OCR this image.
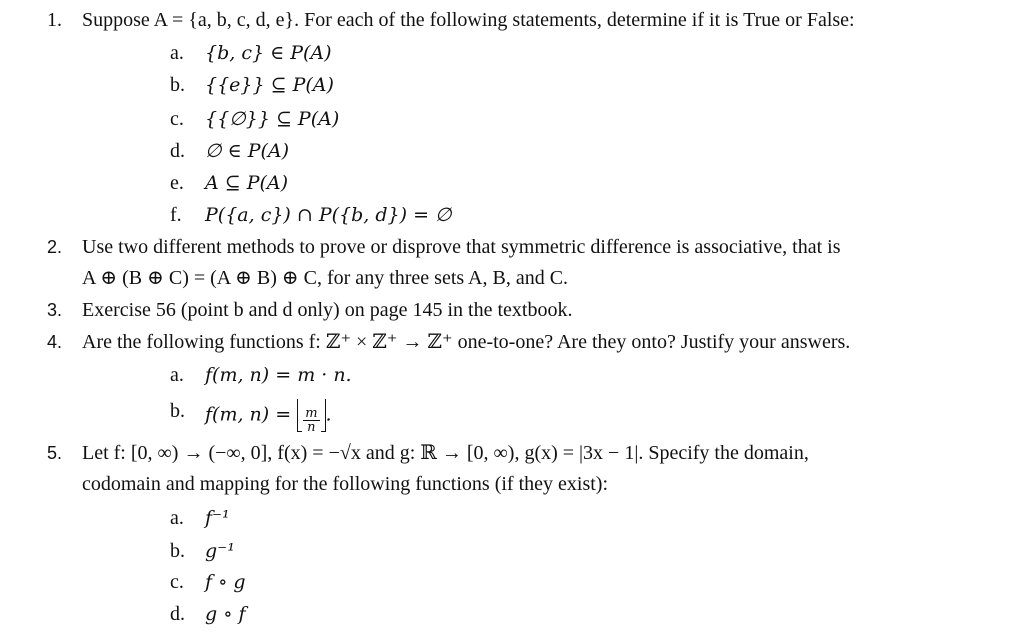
1. Suppose A = {a, b, c, d, e}. For each of the following statements, determine if it is True or False:
a. {b, c} ∈ P(A)
b. {{e}} ⊆ P(A)
c. {{∅}} ⊆ P(A)
d. ∅ ∈ P(A)
e. A ⊆ P(A)
f. P({a, c}) ∩ P({b, d}) = ∅
2. Use two different methods to prove or disprove that symmetric difference is associative, that is
A ⊕ (B ⊕ C) = (A ⊕ B) ⊕ C, for any three sets A, B, and C.
3. Exercise 56 (point b and d only) on page 145 in the textbook.
4. Are the following functions f: ℤ⁺ × ℤ⁺ → ℤ⁺ one-to-one? Are they onto? Justify your answers.
a. f(m, n) = m · n.
b. f(m, $n) = \frac{m}{n}$ .
5. Let f: [0, ∞) → (−∞, 0], f(x) = −√x and g: ℝ → [0, ∞), g(x) = |3x − 1|. Specify the domain,
codomain and mapping for the following functions (if they exist):
a. f⁻¹
b. g⁻¹
c. f ∘ g
d. g ∘ f
